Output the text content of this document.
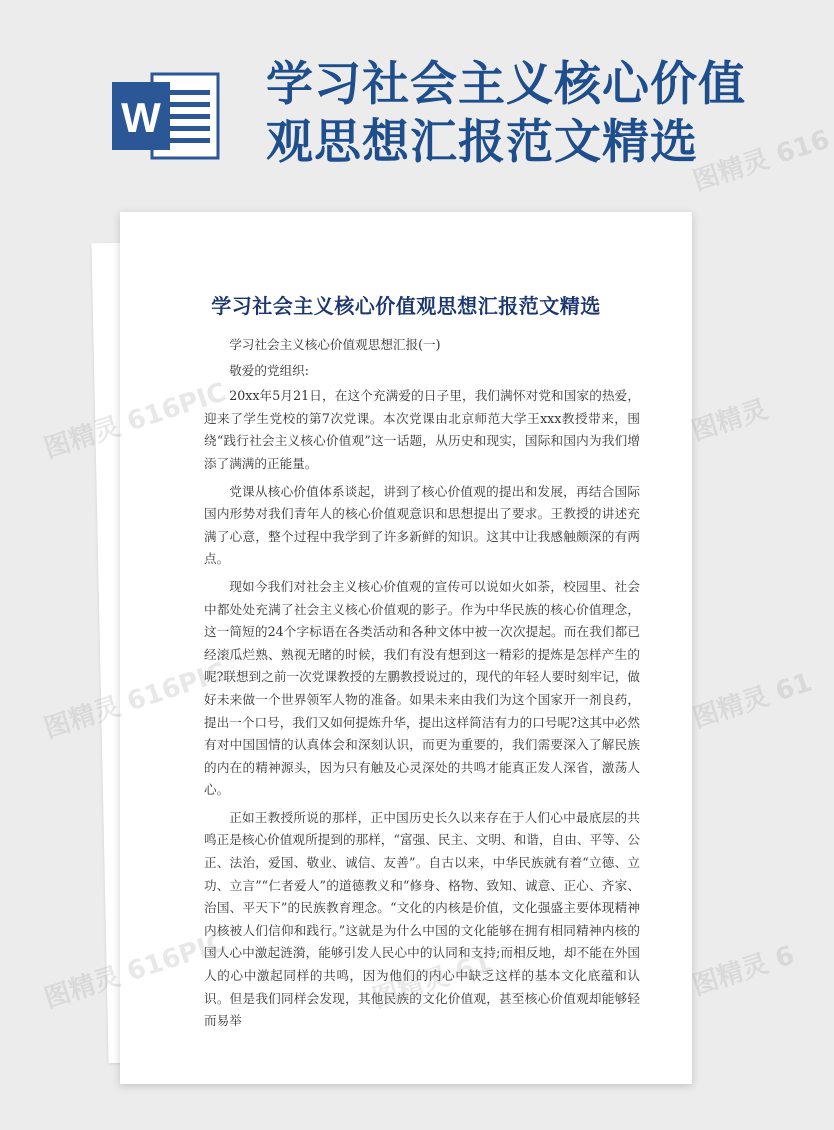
W
学习社会主义核心价值
观思想汇报范文精选
学习社会主义核心价值观思想汇报范文精选

学习社会主义核心价值观思想汇报(一)

敬爱的党组织:

20xx年5月21日，在这个充满爱的日子里，我们满怀对党和国家的热爱，迎来了学生党校的第7次党课。本次党课由北京师范大学王xxx教授带来，围绕“践行社会主义核心价值观”这一话题，从历史和现实，国际和国内为我们增添了满满的正能量。

党课从核心价值体系谈起，讲到了核心价值观的提出和发展，再结合国际国内形势对我们青年人的核心价值观意识和思想提出了要求。王教授的讲述充满了心意，整个过程中我学到了许多新鲜的知识。这其中让我感触颇深的有两点。

现如今我们对社会主义核心价值观的宣传可以说如火如荼，校园里、社会中都处处充满了社会主义核心价值观的影子。作为中华民族的核心价值理念，这一简短的24个字标语在各类活动和各种文体中被一次次提起。而在我们都已经滚瓜烂熟、熟视无睹的时候，我们有没有想到这一精彩的提炼是怎样产生的呢?联想到之前一次党课教授的左鹏教授说过的，现代的年轻人要时刻牢记，做好未来做一个世界领军人物的准备。如果未来由我们为这个国家开一剂良药，提出一个口号，我们又如何提炼升华，提出这样简洁有力的口号呢?这其中必然有对中国国情的认真体会和深刻认识，而更为重要的，我们需要深入了解民族的内在的精神源头，因为只有触及心灵深处的共鸣才能真正发人深省，激荡人心。

正如王教授所说的那样，正中国历史长久以来存在于人们心中最底层的共鸣正是核心价值观所提到的那样，“富强、民主、文明、和谐，自由、平等、公正、法治，爱国、敬业、诚信、友善”。自古以来，中华民族就有着“立德、立功、立言”“仁者爱人”的道德教义和“修身、格物、致知、诚意、正心、齐家、治国、平天下”的民族教育理念。“文化的内核是价值，文化强盛主要体现精神内核被人们信仰和践行。”这就是为什么中国的文化能够在拥有相同精神内核的国人心中激起涟漪，能够引发人民心中的认同和支持;而相反地，却不能在外国人的心中激起同样的共鸣，因为他们的内心中缺乏这样的基本文化底蕴和认识。但是我们同样会发现，其他民族的文化价值观，甚至核心价值观却能够轻而易举

图精灵 616
图精灵 616PIC	图精灵
图精灵 616PIC	图精灵 61
图精灵 616PIC	图精灵 61	图精灵 6
